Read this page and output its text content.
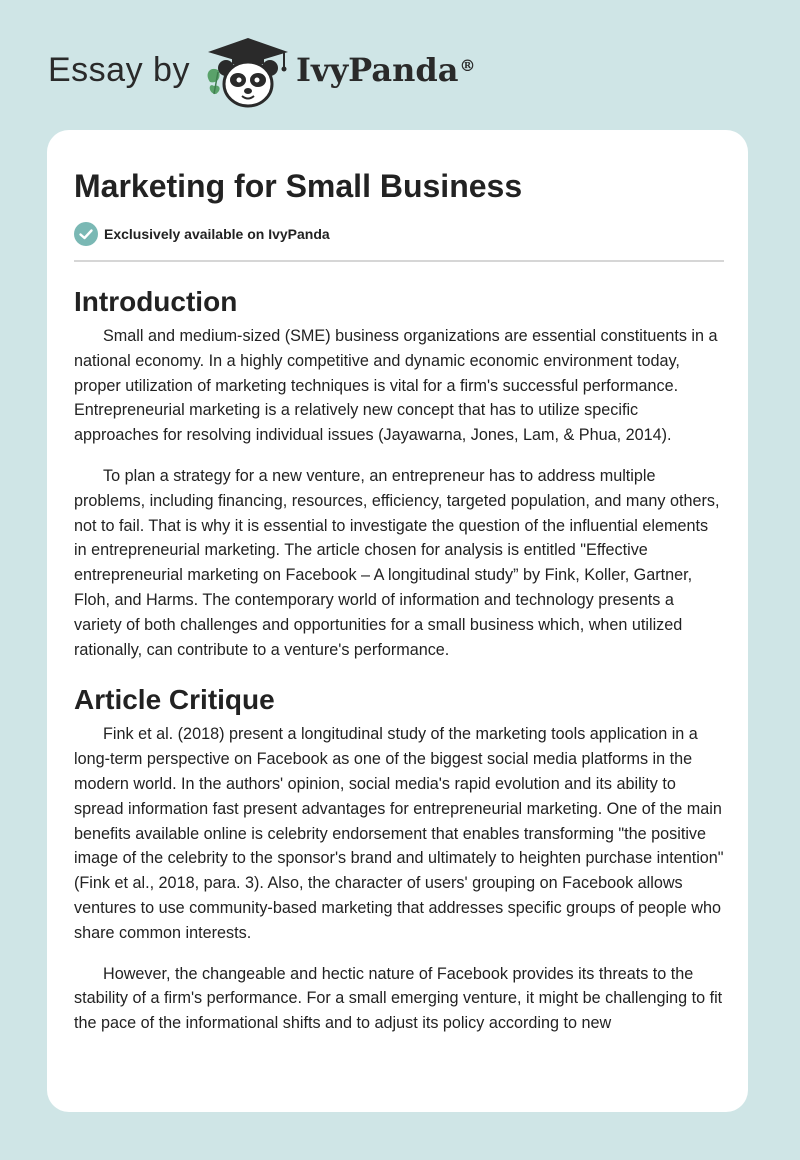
Essay by	IvyPanda®
Marketing for Small Business
Exclusively available on IvyPanda
Introduction

Small and medium-sized (SME) business organizations are essential constituents in a national economy. In a highly competitive and dynamic economic environment today, proper utilization of marketing techniques is vital for a firm's successful performance. Entrepreneurial marketing is a relatively new concept that has to utilize specific approaches for resolving individual issues (Jayawarna, Jones, Lam, & Phua, 2014).

To plan a strategy for a new venture, an entrepreneur has to address multiple problems, including financing, resources, efficiency, targeted population, and many others, not to fail. That is why it is essential to investigate the question of the influential elements in entrepreneurial marketing. The article chosen for analysis is entitled "Effective entrepreneurial marketing on Facebook – A longitudinal study” by Fink, Koller, Gartner, Floh, and Harms. The contemporary world of information and technology presents a variety of both challenges and opportunities for a small business which, when utilized rationally, can contribute to a venture's performance.

Article Critique

Fink et al. (2018) present a longitudinal study of the marketing tools application in a long-term perspective on Facebook as one of the biggest social media platforms in the modern world. In the authors' opinion, social media's rapid evolution and its ability to spread information fast present advantages for entrepreneurial marketing. One of the main benefits available online is celebrity endorsement that enables transforming "the positive image of the celebrity to the sponsor's brand and ultimately to heighten purchase intention" (Fink et al., 2018, para. 3). Also, the character of users' grouping on Facebook allows ventures to use community-based marketing that addresses specific groups of people who share common interests.

However, the changeable and hectic nature of Facebook provides its threats to the stability of a firm's performance. For a small emerging venture, it might be challenging to fit the pace of the informational shifts and to adjust its policy according to new
